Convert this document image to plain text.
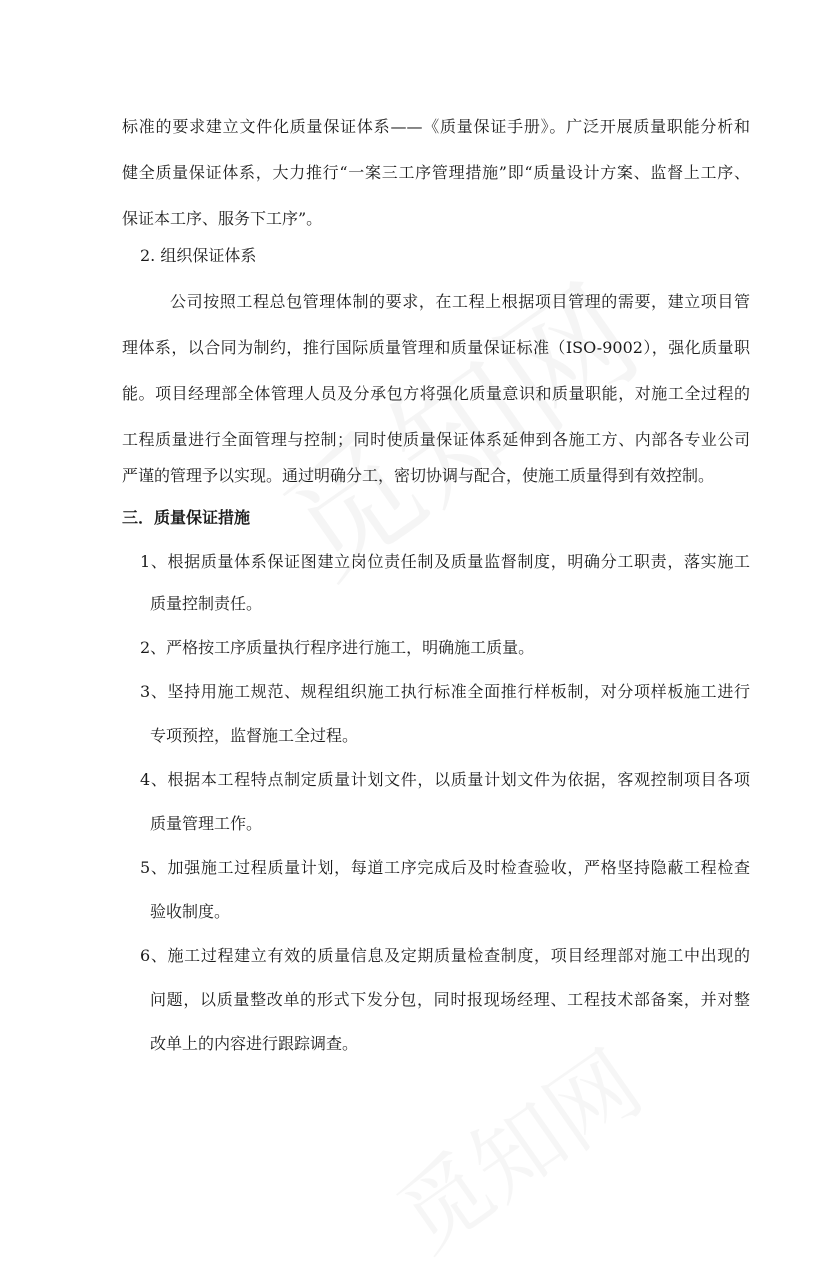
标准的要求建立文件化质量保证体系——《质量保证手册》。广泛开展质量职能分析和
健全质量保证体系，大力推行“一案三工序管理措施”即“质量设计方案、监督上工序、
保证本工序、服务下工序”。
2. 组织保证体系
公司按照工程总包管理体制的要求，在工程上根据项目管理的需要，建立项目管
理体系，以合同为制约，推行国际质量管理和质量保证标准（ISO-9002），强化质量职
能。项目经理部全体管理人员及分承包方将强化质量意识和质量职能，对施工全过程的
工程质量进行全面管理与控制；同时使质量保证体系延伸到各施工方、内部各专业公司
严谨的管理予以实现。通过明确分工，密切协调与配合，使施工质量得到有效控制。
三．质量保证措施
1、根据质量体系保证图建立岗位责任制及质量监督制度，明确分工职责，落实施工
质量控制责任。
2、严格按工序质量执行程序进行施工，明确施工质量。
3、坚持用施工规范、规程组织施工执行标准全面推行样板制，对分项样板施工进行
专项预控，监督施工全过程。
4、根据本工程特点制定质量计划文件，以质量计划文件为依据，客观控制项目各项
质量管理工作。
5、加强施工过程质量计划，每道工序完成后及时检查验收，严格坚持隐蔽工程检查
验收制度。
6、施工过程建立有效的质量信息及定期质量检查制度，项目经理部对施工中出现的
问题，以质量整改单的形式下发分包，同时报现场经理、工程技术部备案，并对整
改单上的内容进行跟踪调查。
